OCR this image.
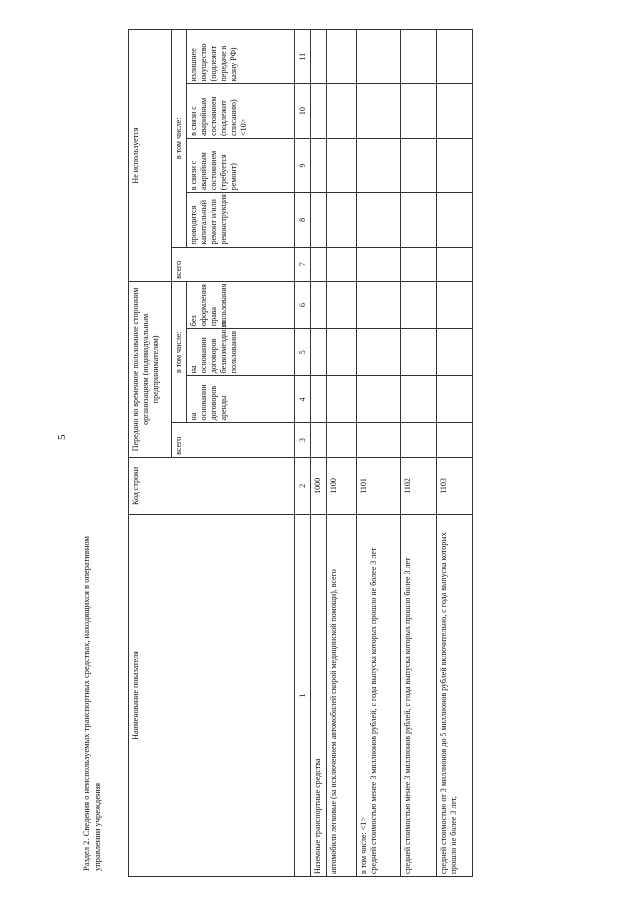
5
Раздел 2. Сведения о неиспользуемых транспортных средствах, находящихся в оперативном управлении учреждения
Наименование показателя	Код строки	Передано во временное пользование сторонним организациям (индивидуальным предпринимателям)				Не используется				
		всего	в том числе:			всего	в том числе:			
			на основании договоров аренды	на основании договоров безвозмездного пользования	без оформления права пользования		проводится капитальный ремонт и/или реконструкция	в связи с аварийным состоянием (требуется ремонт)	в связи с аварийным состоянием (подлежит списанию) <10>	излишнее имущество (подлежит передаче в казну РФ)
1	2	3	4	5	6	7	8	9	10	11
Наземные транспортные средства	1000									
автомобили легковые (за исключением автомобилей скорой медицинской помощи), всего	1100									
в том числе: <1>
средней стоимостью менее 3 миллионов рублей, с года выпуска которых прошло не более 3 лет	1101									
средней стоимостью менее 3 миллионов рублей, с года выпуска которых прошло более 3 лет	1102									
средней стоимостью от 3 миллионов до 5 миллионов рублей включительно, с года выпуска которых прошло не более 3 лет,	1103									
